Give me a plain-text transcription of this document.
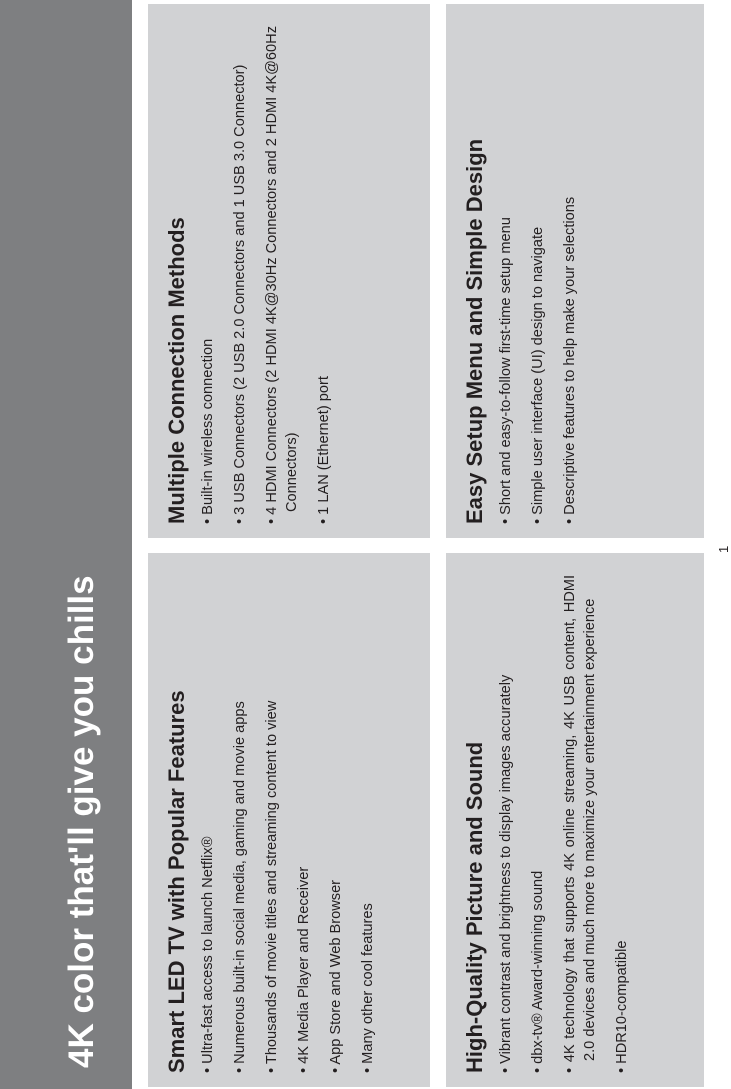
4K color that'll give you chills	Smart LED TV with Popular Features • Ultra-fast access to launch Netflix® • Numerous built-in social media, gaming and movie apps • Thousands of movie titles and streaming content to view • 4K Media Player and Receiver • App Store and Web Browser • Many other cool features
Multiple Connection Methods • Built-in wireless connection • 3 USB Connectors (2 USB 2.0 Connectors and 1 USB 3.0 Connector) • 4 HDMI Connectors (2 HDMI 4K@30Hz Connectors and 2 HDMI 4K@60Hz Connectors) • 1 LAN (Ethernet) port
High-Quality Picture and Sound • Vibrant contrast and brightness to display images accurately • dbx-tv® Award-winning sound • 4K technology that supports 4K online streaming, 4K USB content, HDMI 2.0 devices and much more to maximize your entertainment experience • HDR10-compatible
Easy Setup Menu and Simple Design • Short and easy-to-follow first-time setup menu • Simple user interface (UI) design to navigate • Descriptive features to help make your selections
1
